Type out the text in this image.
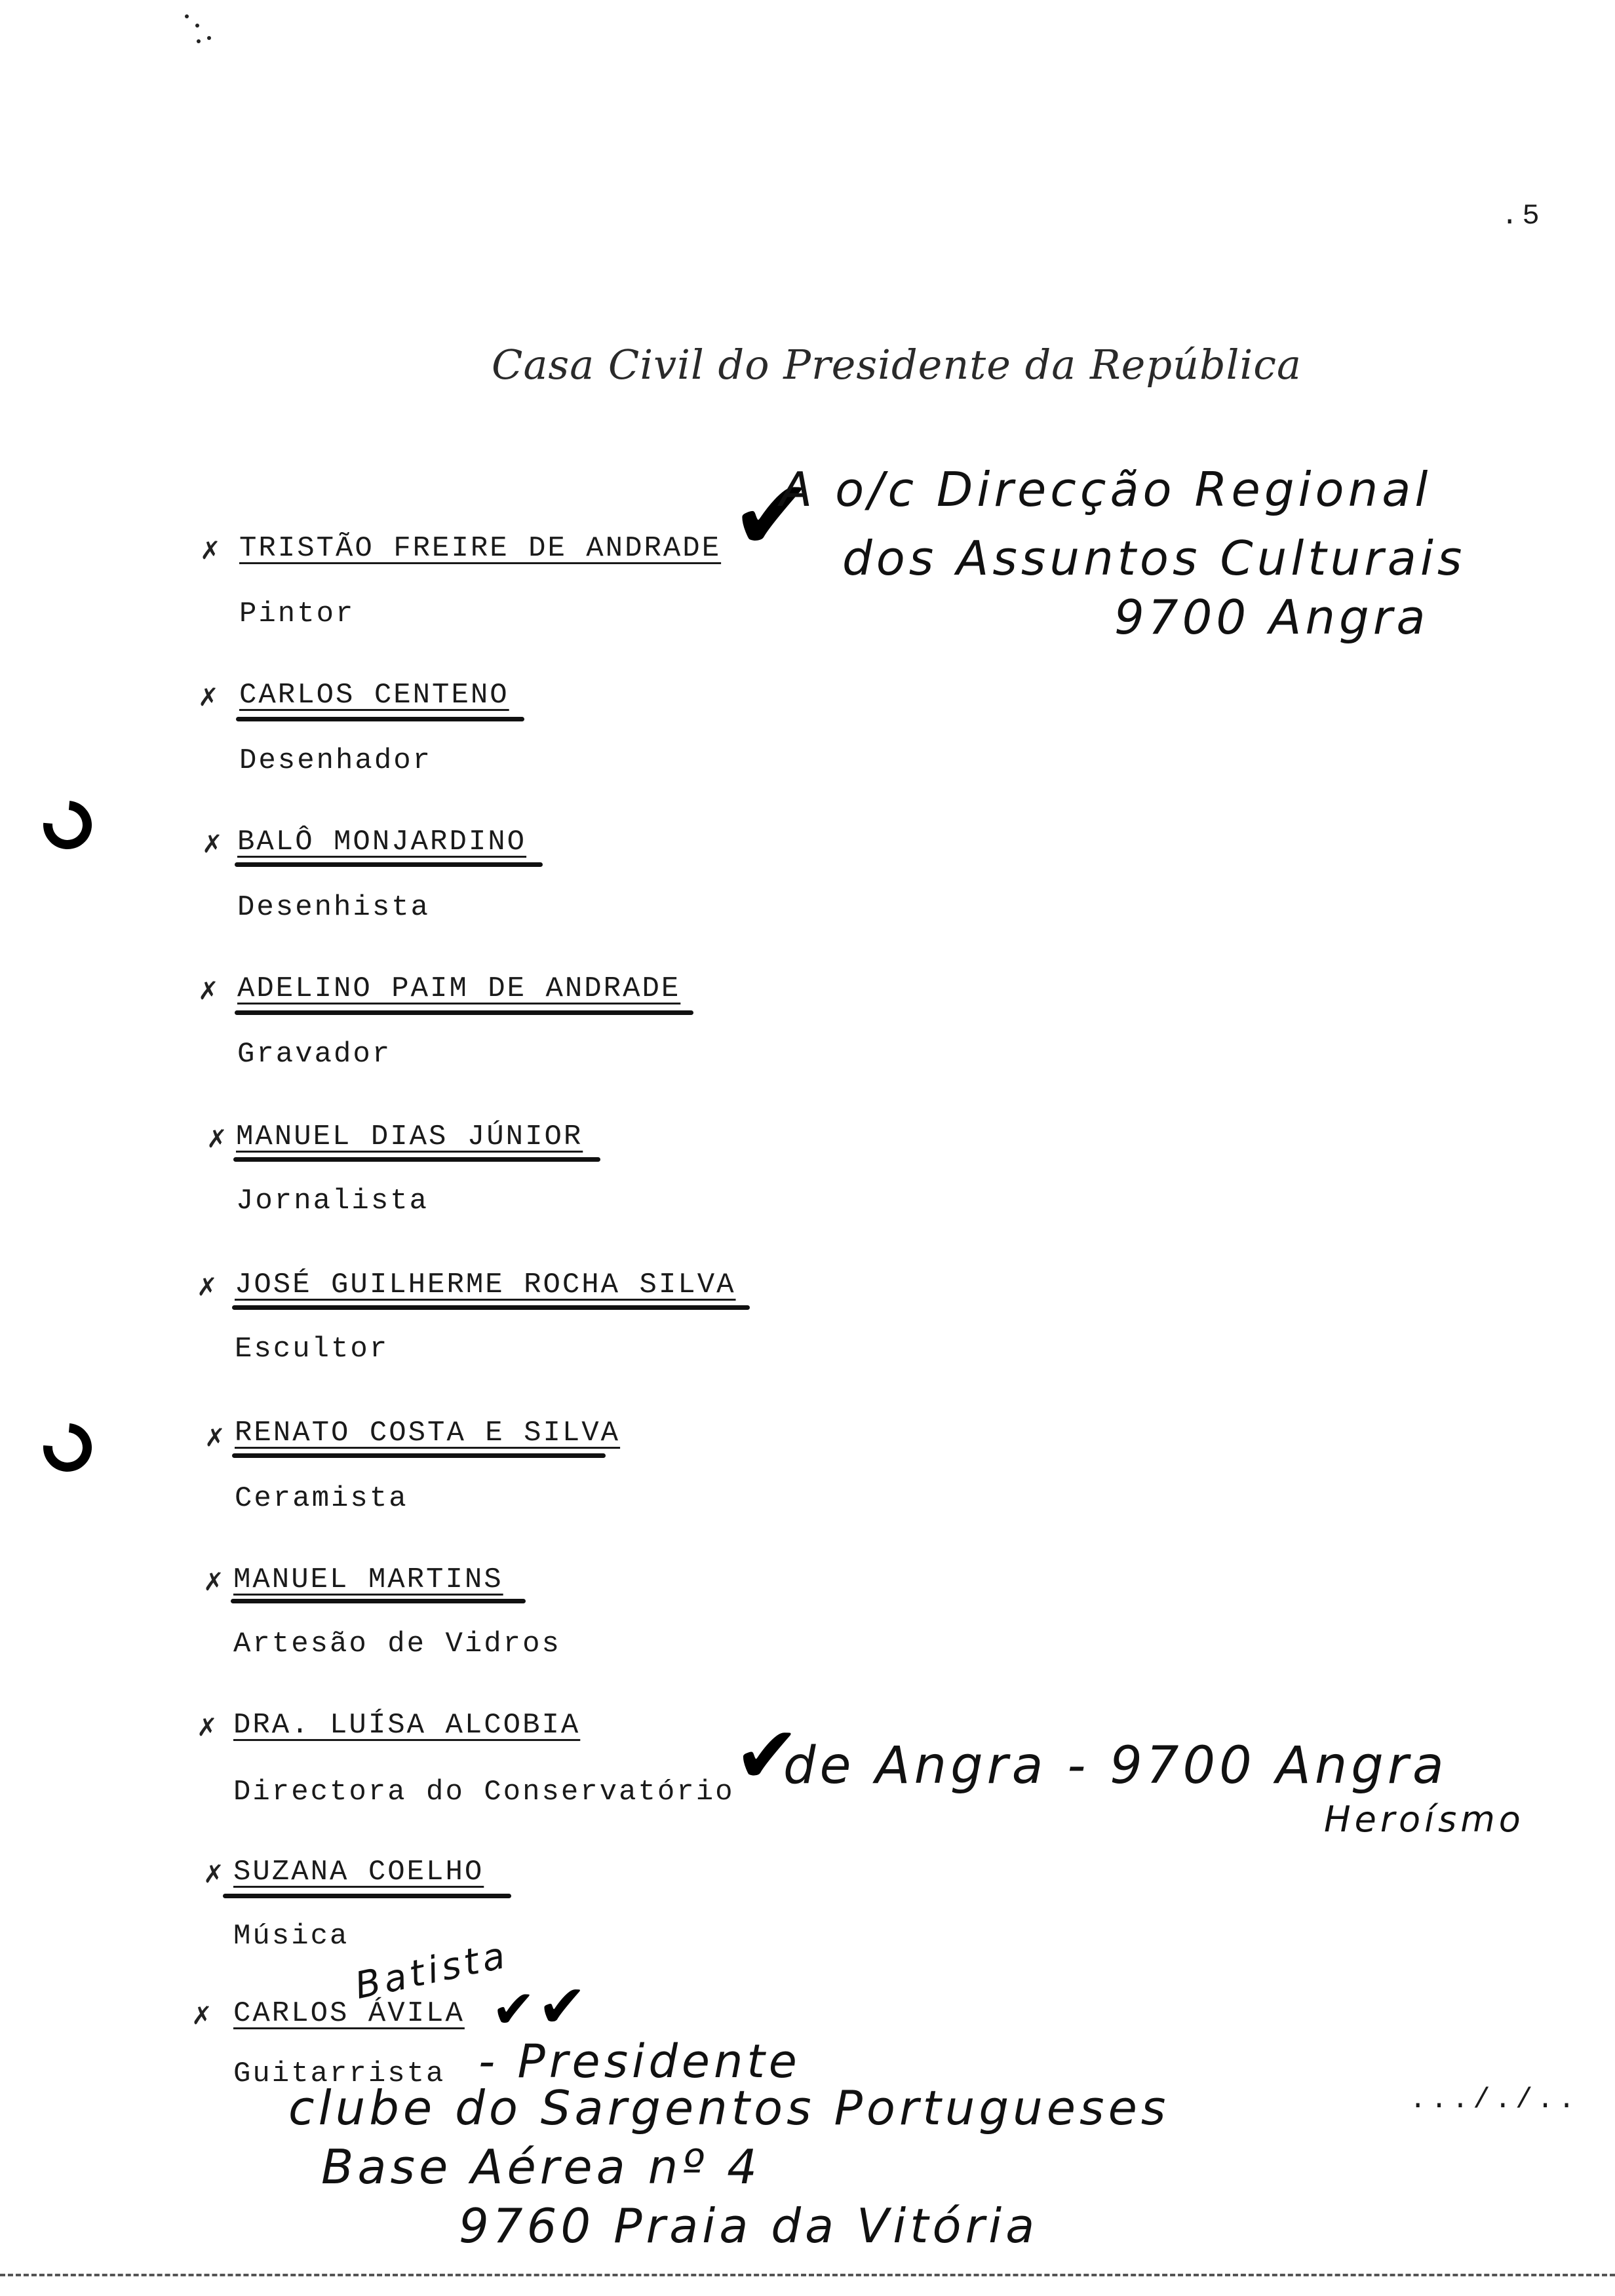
.5
Casa Civil do Presidente da República
✗ TRISTÃO FREIRE DE ANDRADE
Pintor
✗ CARLOS CENTENO
Desenhador
✗ BALÔ MONJARDINO
Desenhista
✗ ADELINO PAIM DE ANDRADE
Gravador
✗ MANUEL DIAS JÚNIOR
Jornalista
✗ JOSÉ GUILHERME ROCHA SILVA
Escultor
✗ RENATO COSTA E SILVA
Ceramista
✗ MANUEL MARTINS
Artesão de Vidros
✗ DRA. LUÍSA ALCOBIA
Directora do Conservatório
✗ SUZANA COELHO
Música
✗ CARLOS ÁVILA
Guitarrista
✔
A o/c Direcção Regional
dos Assuntos Culturais
9700 Angra
✔
de Angra - 9700 Angra
Heroísmo
Batista
✔ ✔
- Presidente
clube do Sargentos Portugueses
Base Aérea nº 4
9760 Praia da Vitória
..././..
